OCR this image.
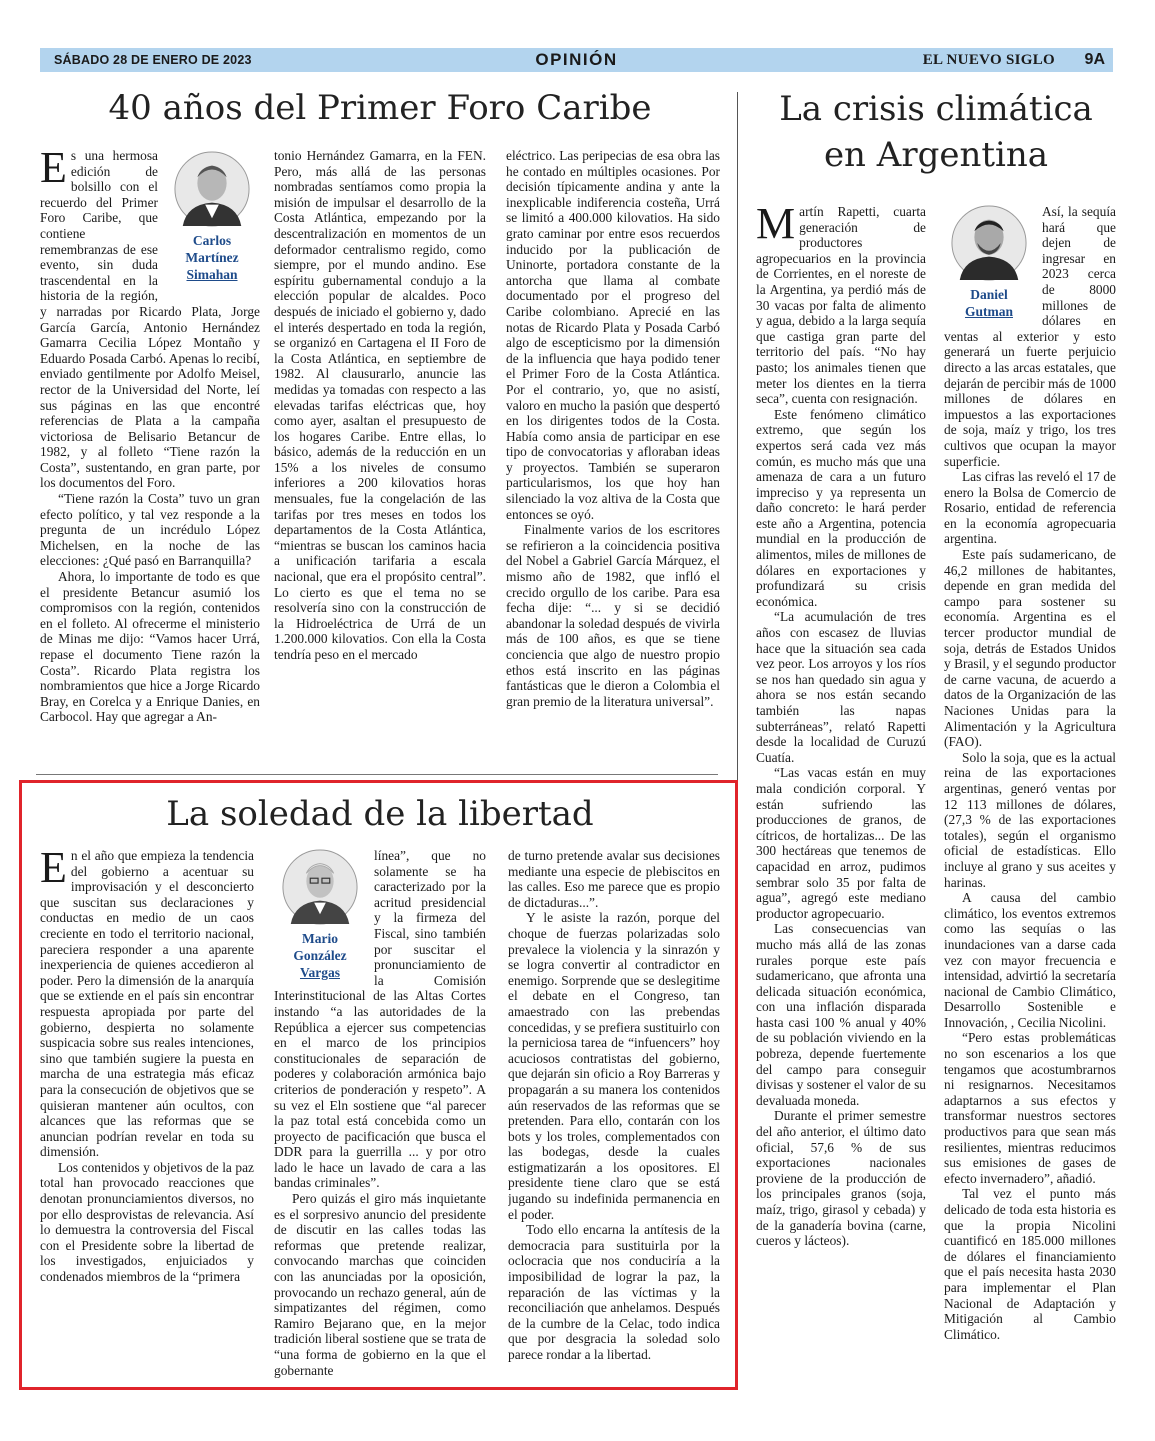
SÁBADO 28 DE ENERO DE 2023	OPINIÓN	EL NUEVO SIGLO 9A
40 años del Primer Foro Caribe
Carlos
Martínez
Simahan

Es una hermosa edición de bolsillo con el recuerdo del Primer Foro Caribe, que contiene remembranzas de ese evento, sin duda trascendental en la historia de la región, y narradas por Ricardo Plata, Jorge García García, Antonio Hernández Gamarra Cecilia López Montaño y Eduardo Posada Carbó. Apenas lo recibí, enviado gentilmente por Adolfo Meisel, rector de la Universidad del Norte, leí sus páginas en las que encontré referencias de Plata a la campaña victoriosa de Belisario Betancur de 1982, y al folleto “Tiene razón la Costa”, sustentando, en gran parte, por los documentos del Foro.

“Tiene razón la Costa” tuvo un gran efecto político, y tal vez responde a la pregunta de un incrédulo López Michelsen, en la noche de las elecciones: ¿Qué pasó en Barranquilla?

Ahora, lo importante de todo es que el presidente Betancur asumió los compromisos con la región, contenidos en el folleto. Al ofrecerme el ministerio de Minas me dijo: “Vamos hacer Urrá, repase el documento Tiene razón la Costa”. Ricardo Plata registra los nombramientos que hice a Jorge Ricardo Bray, en Corelca y a Enrique Danies, en Carbocol. Hay que agregar a An-

tonio Hernández Gamarra, en la FEN. Pero, más allá de las personas nombradas sentíamos como propia la misión de impulsar el desarrollo de la Costa Atlántica, empezando por la descentralización en momentos de un deformador centralismo regido, como siempre, por el mundo andino. Ese espíritu gubernamental condujo a la elección popular de alcaldes. Poco después de iniciado el gobierno y, dado el interés despertado en toda la región, se organizó en Cartagena el II Foro de la Costa Atlántica, en septiembre de 1982. Al clausurarlo, anuncie las medidas ya tomadas con respecto a las elevadas tarifas eléctricas que, hoy como ayer, asaltan el presupuesto de los hogares Caribe. Entre ellas, lo básico, además de la reducción en un 15% a los niveles de consumo inferiores a 200 kilovatios horas mensuales, fue la congelación de las tarifas por tres meses en todos los departamentos de la Costa Atlántica, “mientras se buscan los caminos hacia a unificación tarifaria a escala nacional, que era el propósito central”. Lo cierto es que el tema no se resolvería sino con la construcción de la Hidroeléctrica de Urrá de un 1.200.000 kilovatios. Con ella la Costa tendría peso en el mercado

eléctrico. Las peripecias de esa obra las he contado en múltiples ocasiones. Por decisión típicamente andina y ante la inexplicable indiferencia costeña, Urrá se limitó a 400.000 kilovatios. Ha sido grato caminar por entre esos recuerdos inducido por la publicación de Uninorte, portadora constante de la antorcha que llama al combate documentado por el progreso del Caribe colombiano. Aprecié en las notas de Ricardo Plata y Posada Carbó algo de escepticismo por la dimensión de la influencia que haya podido tener el Primer Foro de la Costa Atlántica. Por el contrario, yo, que no asistí, valoro en mucho la pasión que despertó en los dirigentes todos de la Costa. Había como ansia de participar en ese tipo de convocatorias y afloraban ideas y proyectos. También se superaron particularismos, los que hoy han silenciado la voz altiva de la Costa que entonces se oyó.

Finalmente varios de los escritores se refirieron a la coincidencia positiva del Nobel a Gabriel García Márquez, el mismo año de 1982, que infló el crecido orgullo de los caribe. Para esa fecha dije: “... y si se decidió abandonar la soledad después de vivirla más de 100 años, es que se tiene conciencia que algo de nuestro propio ethos está inscrito en las páginas fantásticas que le dieron a Colombia el gran premio de la literatura universal”.

La soledad de la libertad

En el año que empieza la tendencia del gobierno a acentuar su improvisación y el desconcierto que suscitan sus declaraciones y conductas en medio de un caos creciente en todo el territorio nacional, pareciera responder a una aparente inexperiencia de quienes accedieron al poder. Pero la dimensión de la anarquía que se extiende en el país sin encontrar respuesta apropiada por parte del gobierno, despierta no solamente suspicacia sobre sus reales intenciones, sino que también sugiere la puesta en marcha de una estrategia más eficaz para la consecución de objetivos que se quisieran mantener aún ocultos, con alcances que las reformas que se anuncian podrían revelar en toda su dimensión.

Los contenidos y objetivos de la paz total han provocado reacciones que denotan pronunciamientos diversos, no por ello desprovistas de relevancia. Así lo demuestra la controversia del Fiscal con el Presidente sobre la libertad de los investigados, enjuiciados y condenados miembros de la “primera

Mario
González
Vargas

línea”, que no solamente se ha caracterizado por la acritud presidencial y la firmeza del Fiscal, sino también por suscitar el pronunciamiento de la Comisión Interinstitucional de las Altas Cortes instando “a las autoridades de la República a ejercer sus competencias en el marco de los principios constitucionales de separación de poderes y colaboración armónica bajo criterios de ponderación y respeto”. A su vez el Eln sostiene que “al parecer la paz total está concebida como un proyecto de pacificación que busca el DDR para la guerrilla ... y por otro lado le hace un lavado de cara a las bandas criminales”.

Pero quizás el giro más inquietante es el sorpresivo anuncio del presidente de discutir en las calles todas las reformas que pretende realizar, convocando marchas que coinciden con las anunciadas por la oposición, provocando un rechazo general, aún de simpatizantes del régimen, como Ramiro Bejarano que, en la mejor tradición liberal sostiene que se trata de “una forma de gobierno en la que el gobernante

de turno pretende avalar sus decisiones mediante una especie de plebiscitos en las calles. Eso me parece que es propio de dictaduras...”.

Y le asiste la razón, porque del choque de fuerzas polarizadas solo prevalece la violencia y la sinrazón y se logra convertir al contradictor en enemigo. Sorprende que se deslegitime el debate en el Congreso, tan amaestrado con las prebendas concedidas, y se prefiera sustituirlo con la perniciosa tarea de “infuencers” hoy acuciosos contratistas del gobierno, que dejarán sin oficio a Roy Barreras y propagarán a su manera los contenidos aún reservados de las reformas que se pretenden. Para ello, contarán con los bots y los troles, complementados con las bodegas, desde la cuales estigmatizarán a los opositores. El presidente tiene claro que se está jugando su indefinida permanencia en el poder.

Todo ello encarna la antítesis de la democracia para sustituirla por la oclocracia que nos conduciría a la imposibilidad de lograr la paz, la reparación de las víctimas y la reconciliación que anhelamos. Después de la cumbre de la Celac, todo indica que por desgracia la soledad solo parece rondar a la libertad.

La crisis climática
en Argentina

Martín Rapetti, cuarta generación de productores agropecuarios en la provincia de Corrientes, en el noreste de la Argentina, ya perdió más de 30 vacas por falta de alimento y agua, debido a la larga sequía que castiga gran parte del territorio del país. “No hay pasto; los animales tienen que meter los dientes en la tierra seca”, cuenta con resignación.

Este fenómeno climático extremo, que según los expertos será cada vez más común, es mucho más que una amenaza de cara a un futuro impreciso y ya representa un daño concreto: le hará perder este año a Argentina, potencia mundial en la producción de alimentos, miles de millones de dólares en exportaciones y profundizará su crisis económica.

“La acumulación de tres años con escasez de lluvias hace que la situación sea cada vez peor. Los arroyos y los ríos se nos han quedado sin agua y ahora se nos están secando también las napas subterráneas”, relató Rapetti desde la localidad de Curuzú Cuatía.

“Las vacas están en muy mala condición corporal. Y están sufriendo las producciones de granos, de cítricos, de hortalizas... De las 300 hectáreas que tenemos de capacidad en arroz, pudimos sembrar solo 35 por falta de agua”, agregó este mediano productor agropecuario.

Las consecuencias van mucho más allá de las zonas rurales porque este país sudamericano, que afronta una delicada situación económica, con una inflación disparada hasta casi 100 % anual y 40% de su población viviendo en la pobreza, depende fuertemente del campo para conseguir divisas y sostener el valor de su devaluada moneda.

Durante el primer semestre del año anterior, el último dato oficial, 57,6 % de sus exportaciones nacionales proviene de la producción de los principales granos (soja, maíz, trigo, girasol y cebada) y de la ganadería bovina (carne, cueros y lácteos).

Daniel
Gutman

Así, la sequía hará que dejen de ingresar en 2023 cerca de 8000 millones de dólares en ventas al exterior y esto generará un fuerte perjuicio directo a las arcas estatales, que dejarán de percibir más de 1000 millones de dólares en impuestos a las exportaciones de soja, maíz y trigo, los tres cultivos que ocupan la mayor superficie.

Las cifras las reveló el 17 de enero la Bolsa de Comercio de Rosario, entidad de referencia en la economía agropecuaria argentina.

Este país sudamericano, de 46,2 millones de habitantes, depende en gran medida del campo para sostener su economía. Argentina es el tercer productor mundial de soja, detrás de Estados Unidos y Brasil, y el segundo productor de carne vacuna, de acuerdo a datos de la Organización de las Naciones Unidas para la Alimentación y la Agricultura (FAO).

Solo la soja, que es la actual reina de las exportaciones argentinas, generó ventas por 12 113 millones de dólares, (27,3 % de las exportaciones totales), según el organismo oficial de estadísticas. Ello incluye al grano y sus aceites y harinas.

A causa del cambio climático, los eventos extremos como las sequías o las inundaciones van a darse cada vez con mayor frecuencia e intensidad, advirtió la secretaría nacional de Cambio Climático, Desarrollo Sostenible e Innovación, , Cecilia Nicolini.

“Pero estas problemáticas no son escenarios a los que tengamos que acostumbrarnos ni resignarnos. Necesitamos adaptarnos a sus efectos y transformar nuestros sectores productivos para que sean más resilientes, mientras reducimos sus emisiones de gases de efecto invernadero”, añadió.

Tal vez el punto más delicado de toda esta historia es que la propia Nicolini cuantificó en 185.000 millones de dólares el financiamiento que el país necesita hasta 2030 para implementar el Plan Nacional de Adaptación y Mitigación al Cambio Climático.
